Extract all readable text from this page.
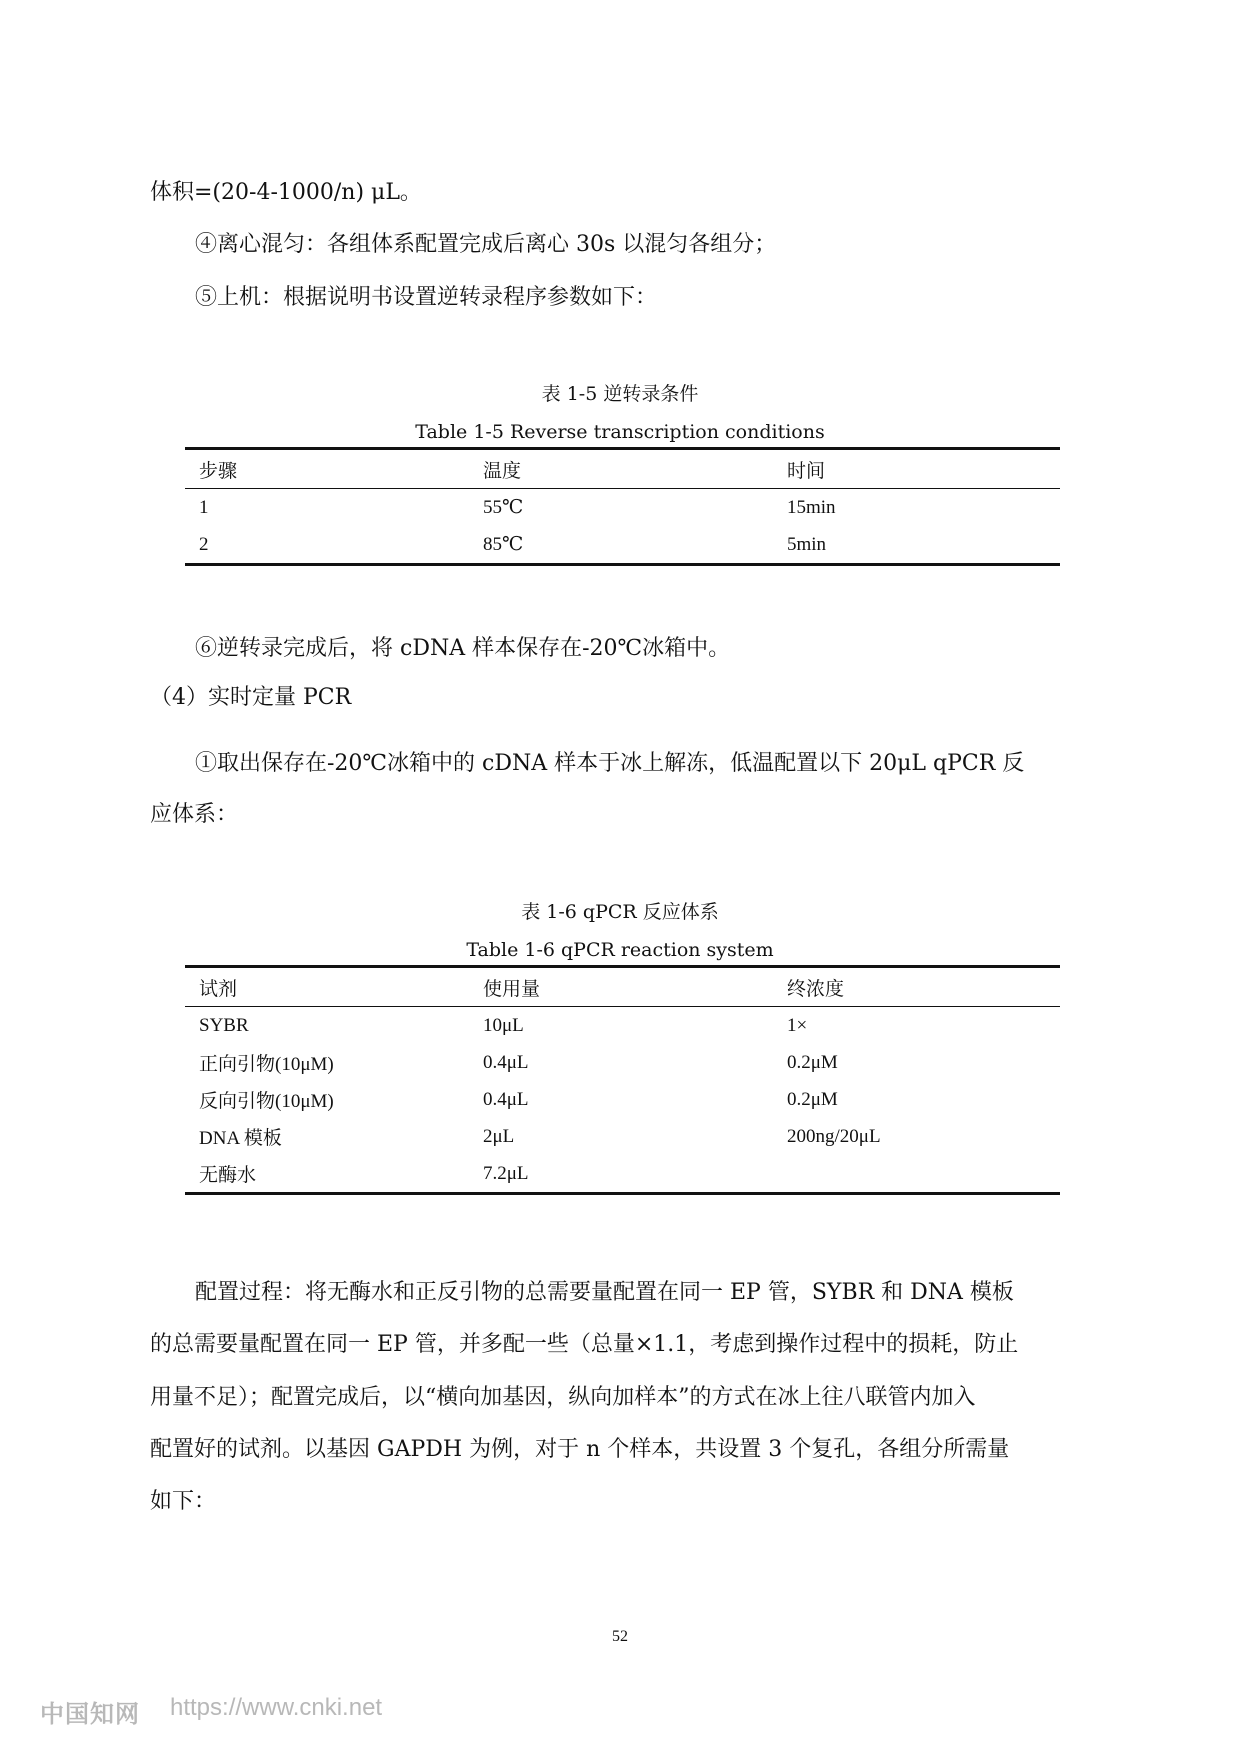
体积=(20-4-1000/n) μL。
④离心混匀：各组体系配置完成后离心 30s 以混匀各组分；
⑤上机：根据说明书设置逆转录程序参数如下：
表 1-5 逆转录条件
Table 1-5 Reverse transcription conditions
步骤	温度	时间
1	55℃	15min
2	85℃	5min
⑥逆转录完成后，将 cDNA 样本保存在-20℃冰箱中。
（4）实时定量 PCR
①取出保存在-20℃冰箱中的 cDNA 样本于冰上解冻，低温配置以下 20μL qPCR 反
应体系：
表 1-6 qPCR 反应体系
Table 1-6 qPCR reaction system
试剂	使用量	终浓度
SYBR	10μL	1×
正向引物(10μM)	0.4μL	0.2μM
反向引物(10μM)	0.4μL	0.2μM
DNA 模板	2μL	200ng/20μL
无酶水	7.2μL	
配置过程：将无酶水和正反引物的总需要量配置在同一 EP 管，SYBR 和 DNA 模板
的总需要量配置在同一 EP 管，并多配一些（总量×1.1，考虑到操作过程中的损耗，防止
用量不足）；配置完成后，以“横向加基因，纵向加样本”的方式在冰上往八联管内加入
配置好的试剂。以基因 GAPDH 为例，对于 n 个样本，共设置 3 个复孔，各组分所需量
如下：
52
中国知网 https://www.cnki.net
